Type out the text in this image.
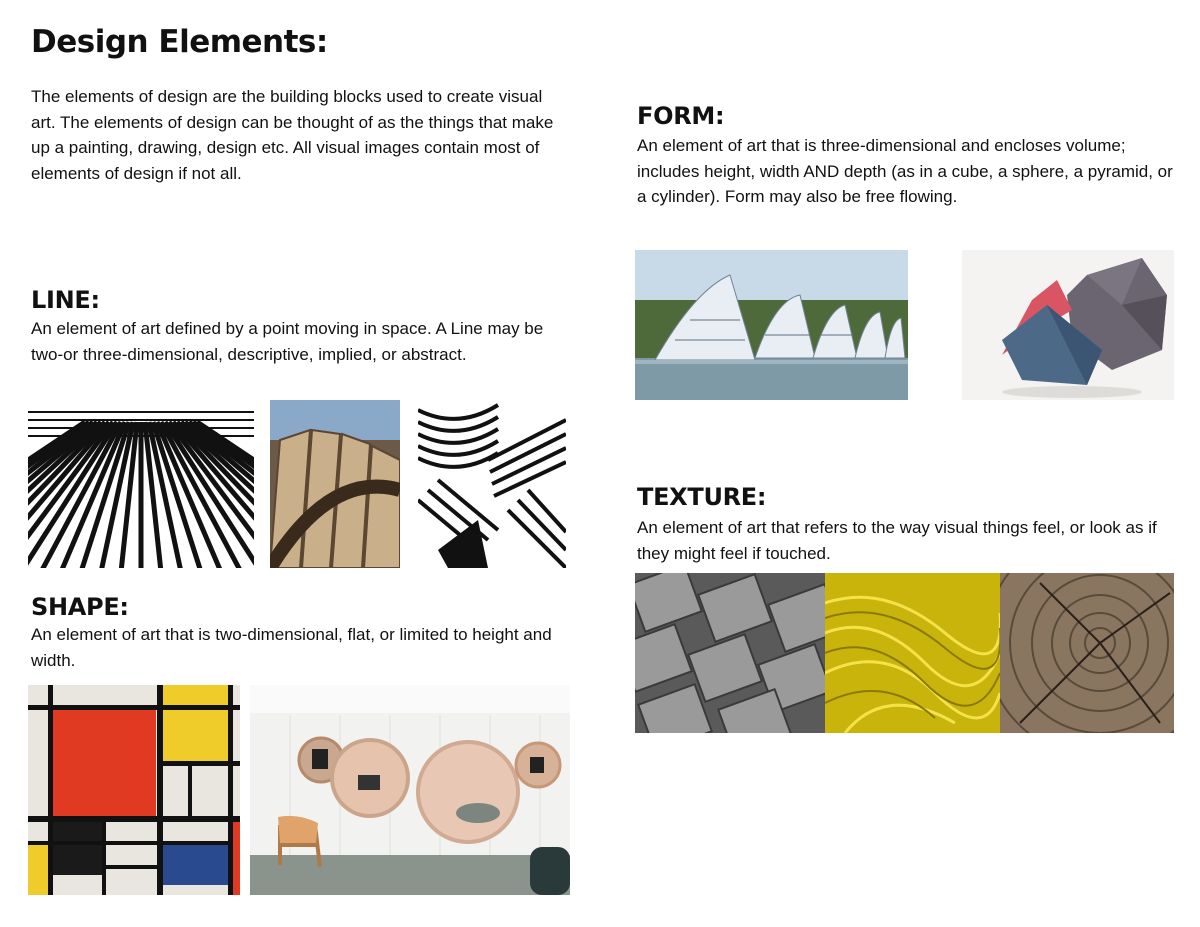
Design Elements:
The elements of design are the building blocks used to create visual art. The elements of design can be thought of as the things that make up a painting, drawing, design etc. All visual images contain most of elements of design if not all.
LINE:
An element of art defined by a point moving in space. A Line may be two-or three-dimensional, descriptive, implied, or abstract.
SHAPE:
An element of art that is two-dimensional, flat, or limited to height and width.
FORM:
An element of art that is three-dimensional and encloses volume; includes height, width AND depth (as in a cube, a sphere, a pyramid, or a cylinder). Form may also be free flowing.
TEXTURE:
An element of art that refers to the way visual things feel, or look as if they might feel if touched.
